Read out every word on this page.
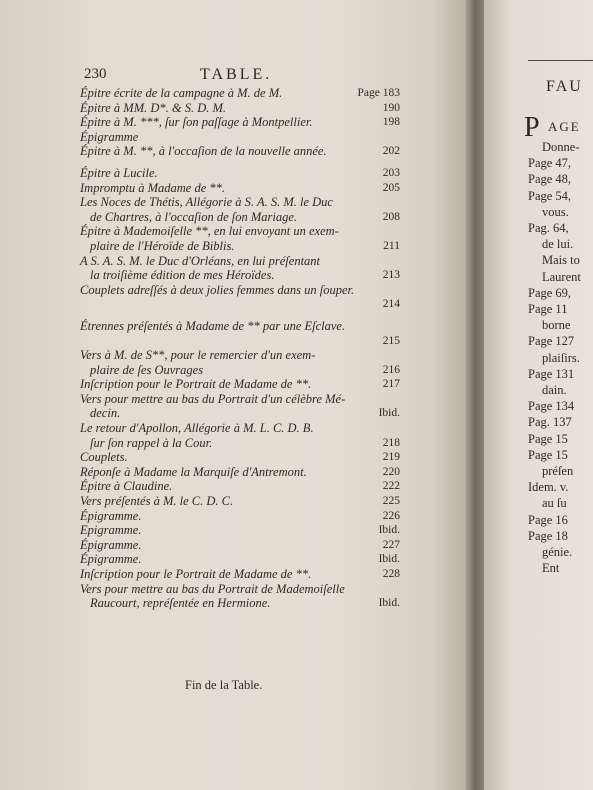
230	TABLE.
Épitre écrite de la campagne à M. de M.	Page 183
Épitre à MM. D*. & S. D. M.	190
Épitre à M. ***, ſur ſon paſſage à Montpellier.	198
Épigramme
Épitre à M. **, à l'occaſion de la nouvelle année.	202
Épitre à Lucile.	203
Impromptu à Madame de **.	205
Les Noces de Thétis, Allégorie à S. A. S. M. le Duc
de Chartres, à l'occaſion de ſon Mariage.	208
Épitre à Mademoiſelle **, en lui envoyant un exem-
plaire de l'Héroïde de Biblis.	211
A S. A. S. M. le Duc d'Orléans, en lui préſentant
la troiſième édition de mes Héroïdes.	213
Couplets adreſſés à deux jolies femmes dans un ſouper.
214
Étrennes préſentés à Madame de ** par une Eſclave.
215
Vers à M. de S**, pour le remercier d'un exem-
plaire de ſes Ouvrages	216
Inſcription pour le Portrait de Madame de **.	217
Vers pour mettre au bas du Portrait d'un célèbre Mé-
decin.	Ibid.
Le retour d'Apollon, Allégorie à M. L. C. D. B.
ſur ſon rappel à la Cour.	218
Couplets.	219
Réponſe à Madame la Marquiſe d'Antremont.	220
Épitre à Claudine.	222
Vers préſentés à M. le C. D. C.	225
Épigramme.	226
Epigramme.	Ibid.
Épigramme.	227
Épigramme.	Ibid.
Inſcription pour le Portrait de Madame de **.	228
Vers pour mettre au bas du Portrait de Mademoiſelle
Raucourt, repréſentée en Hermione.	Ibid.
Fin de la Table.
FAU
P AGE
Donne-
Page 47,
Page 48,
Page 54,
vous.
Pag. 64,
de lui.
Mais to
Laurent
Page 69,
Page 11
borne
Page 127
plaiſirs.
Page 131
dain.
Page 134
Pag. 137
Page 15
Page 15
préſen
Idem. v.
au ſu
Page 16
Page 18
génie.
Ent
